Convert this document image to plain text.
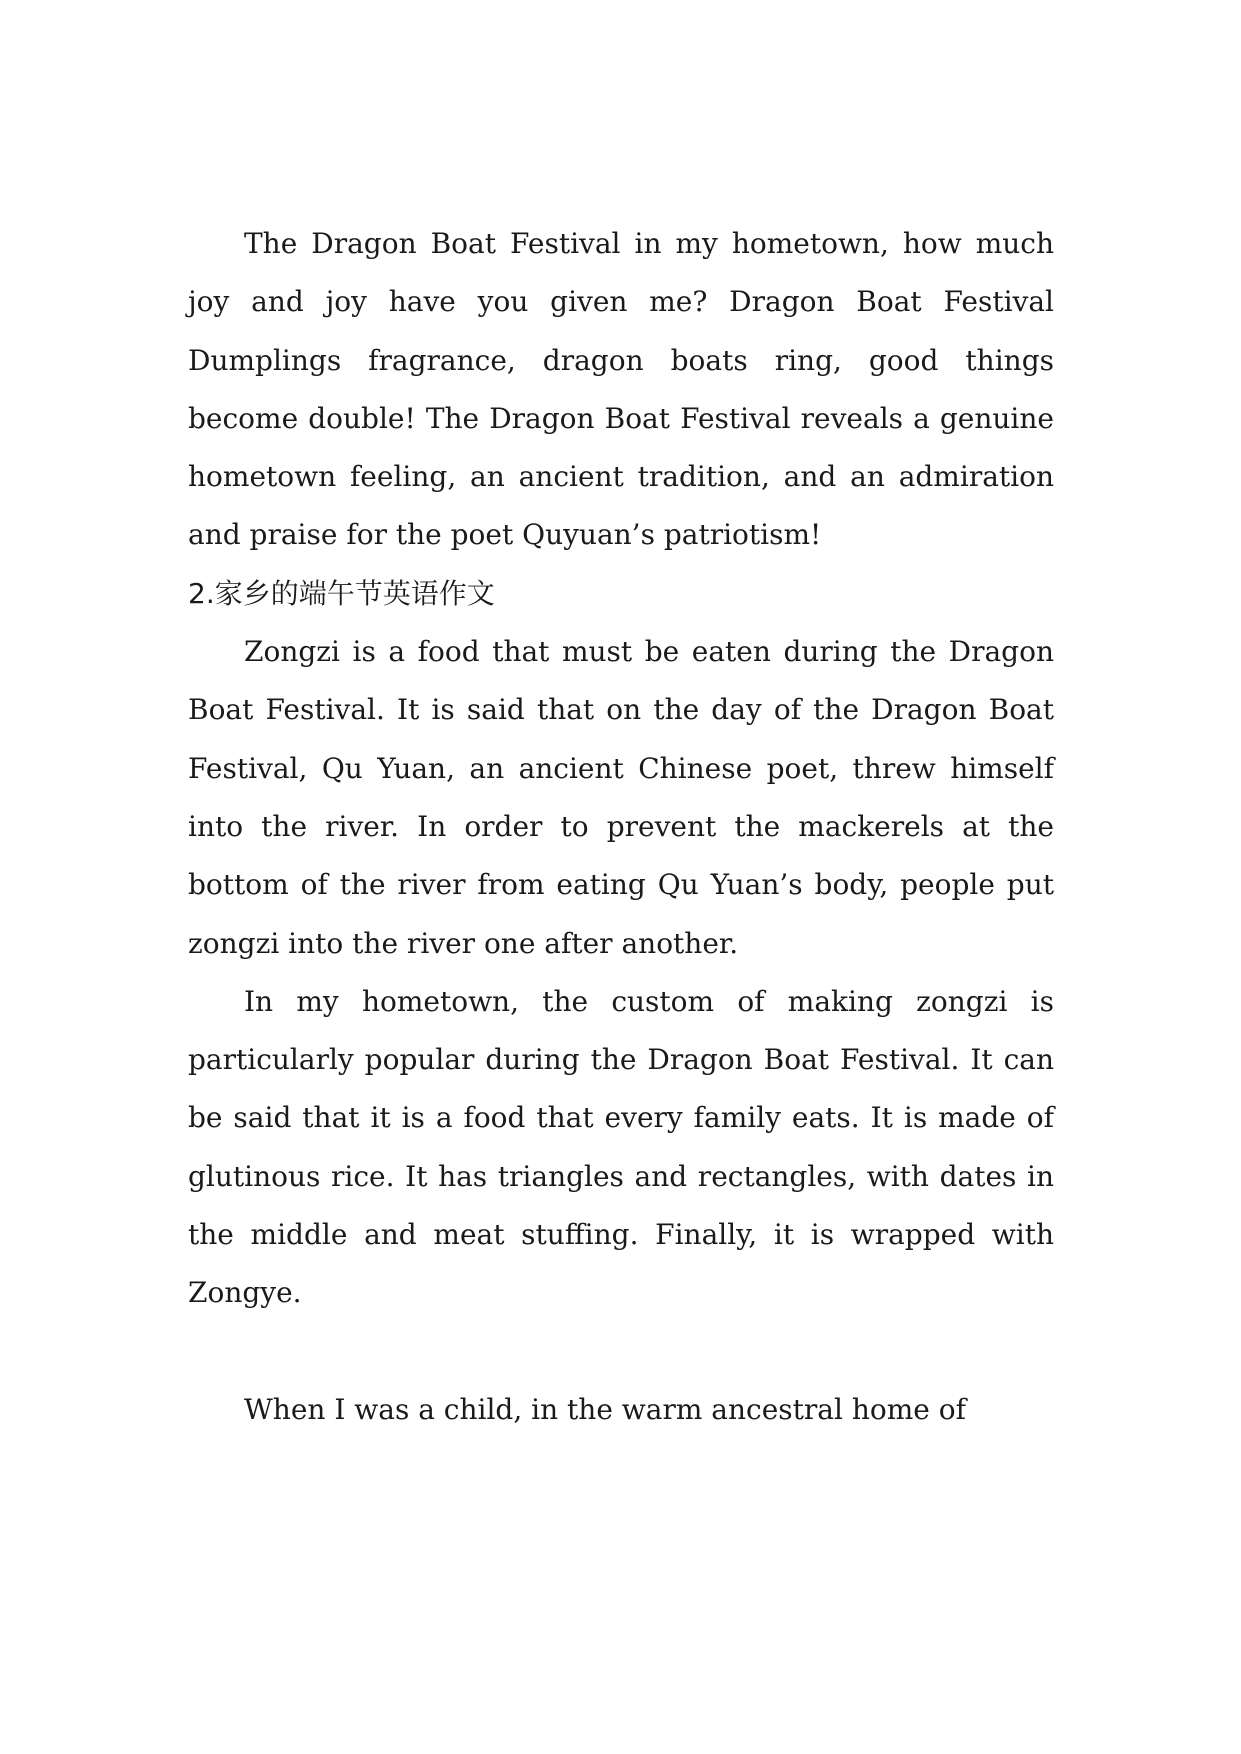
The Dragon Boat Festival in my hometown, how much joy and joy have you given me? Dragon Boat Festival Dumplings fragrance, dragon boats ring, good things become double! The Dragon Boat Festival reveals a genuine hometown feeling, an ancient tradition, and an admiration and praise for the poet Quyuan’s patriotism!

2.家乡的端午节英语作文

Zongzi is a food that must be eaten during the Dragon Boat Festival. It is said that on the day of the Dragon Boat Festival, Qu Yuan, an ancient Chinese poet, threw himself into the river. In order to prevent the mackerels at the bottom of the river from eating Qu Yuan’s body, people put zongzi into the river one after another.

In my hometown, the custom of making zongzi is particularly popular during the Dragon Boat Festival. It can be said that it is a food that every family eats. It is made of glutinous rice. It has triangles and rectangles, with dates in the middle and meat stuffing. Finally, it is wrapped with Zongye.

When I was a child, in the warm ancestral home of
